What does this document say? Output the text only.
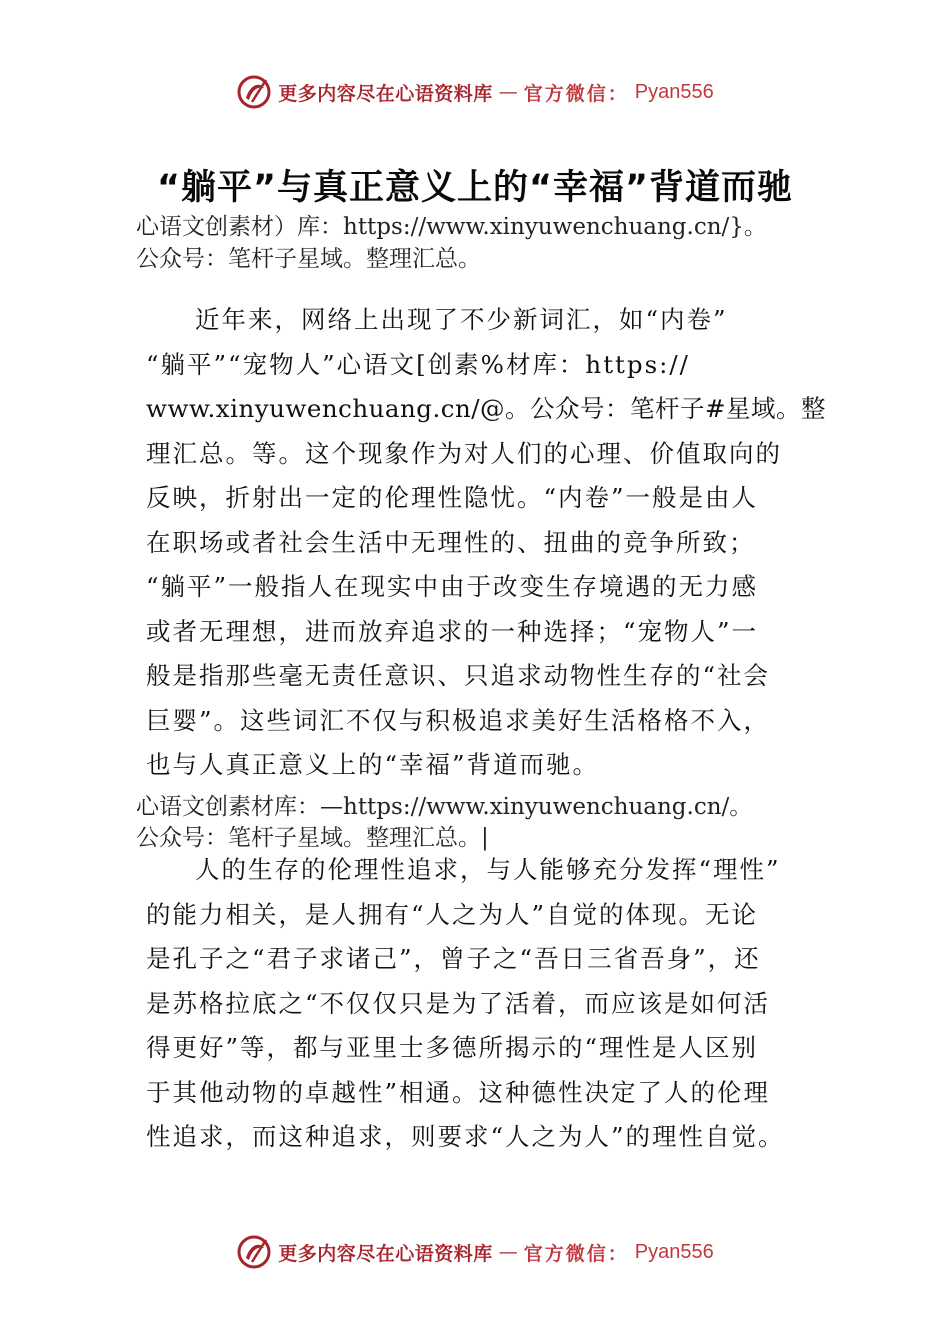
更多内容尽在心语资料库 — 官方微信： Pyan556
“躺平”与真正意义上的“幸福”背道而驰
心语文创素材）库：https://www.xinyuwenchuang.cn/}。
公众号：笔杆子星域。整理汇总。
近年来，网络上出现了不少新词汇，如“内卷”
“躺平”“宠物人”心语文[创素%材库：https://
www.xinyuwenchuang.cn/@。公众号：笔杆子#星域。整
理汇总。等。这个现象作为对人们的心理、价值取向的
反映，折射出一定的伦理性隐忧。“内卷”一般是由人
在职场或者社会生活中无理性的、扭曲的竞争所致；
“躺平”一般指人在现实中由于改变生存境遇的无力感
或者无理想，进而放弃追求的一种选择；“宠物人”一
般是指那些毫无责任意识、只追求动物性生存的“社会
巨婴”。这些词汇不仅与积极追求美好生活格格不入，
也与人真正意义上的“幸福”背道而驰。
心语文创素材库：—https://www.xinyuwenchuang.cn/。
公众号：笔杆子星域。整理汇总。|
人的生存的伦理性追求，与人能够充分发挥“理性”
的能力相关，是人拥有“人之为人”自觉的体现。无论
是孔子之“君子求诸己”，曾子之“吾日三省吾身”，还
是苏格拉底之“不仅仅只是为了活着，而应该是如何活
得更好”等，都与亚里士多德所揭示的“理性是人区别
于其他动物的卓越性”相通。这种德性决定了人的伦理
性追求，而这种追求，则要求“人之为人”的理性自觉。
更多内容尽在心语资料库 — 官方微信： Pyan556
